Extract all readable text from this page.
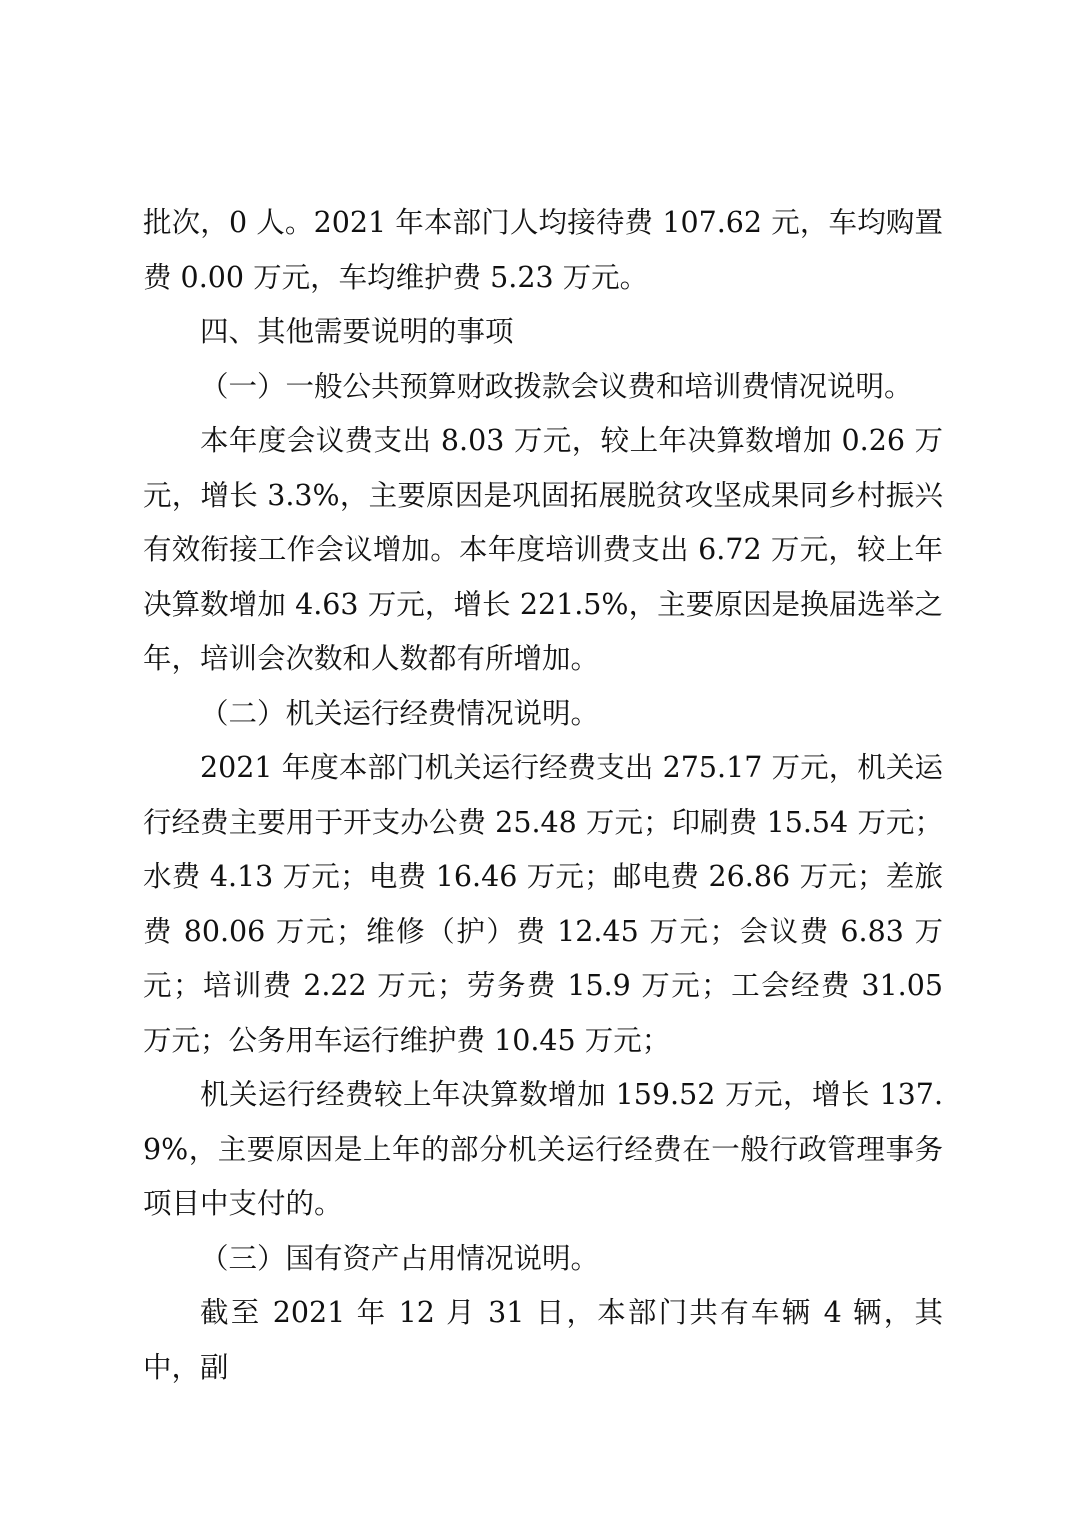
批次，0 人。2021 年本部门人均接待费 107.62 元，车均购置费 0.00 万元，车均维护费 5.23 万元。

四、其他需要说明的事项

（一）一般公共预算财政拨款会议费和培训费情况说明。

本年度会议费支出 8.03 万元，较上年决算数增加 0.26 万元，增长 3.3%，主要原因是巩固拓展脱贫攻坚成果同乡村振兴有效衔接工作会议增加。本年度培训费支出 6.72 万元，较上年决算数增加 4.63 万元，增长 221.5%，主要原因是换届选举之年，培训会次数和人数都有所增加。

（二）机关运行经费情况说明。

2021 年度本部门机关运行经费支出 275.17 万元，机关运行经费主要用于开支办公费 25.48 万元；印刷费 15.54 万元；水费 4.13 万元；电费 16.46 万元；邮电费 26.86 万元；差旅费 80.06 万元；维修（护）费 12.45 万元；会议费 6.83 万元；培训费 2.22 万元；劳务费 15.9 万元；工会经费 31.05 万元；公务用车运行维护费 10.45 万元；

机关运行经费较上年决算数增加 159.52 万元，增长 137.9%，主要原因是上年的部分机关运行经费在一般行政管理事务项目中支付的。

（三）国有资产占用情况说明。

截至 2021 年 12 月 31 日，本部门共有车辆 4 辆，其中，副
